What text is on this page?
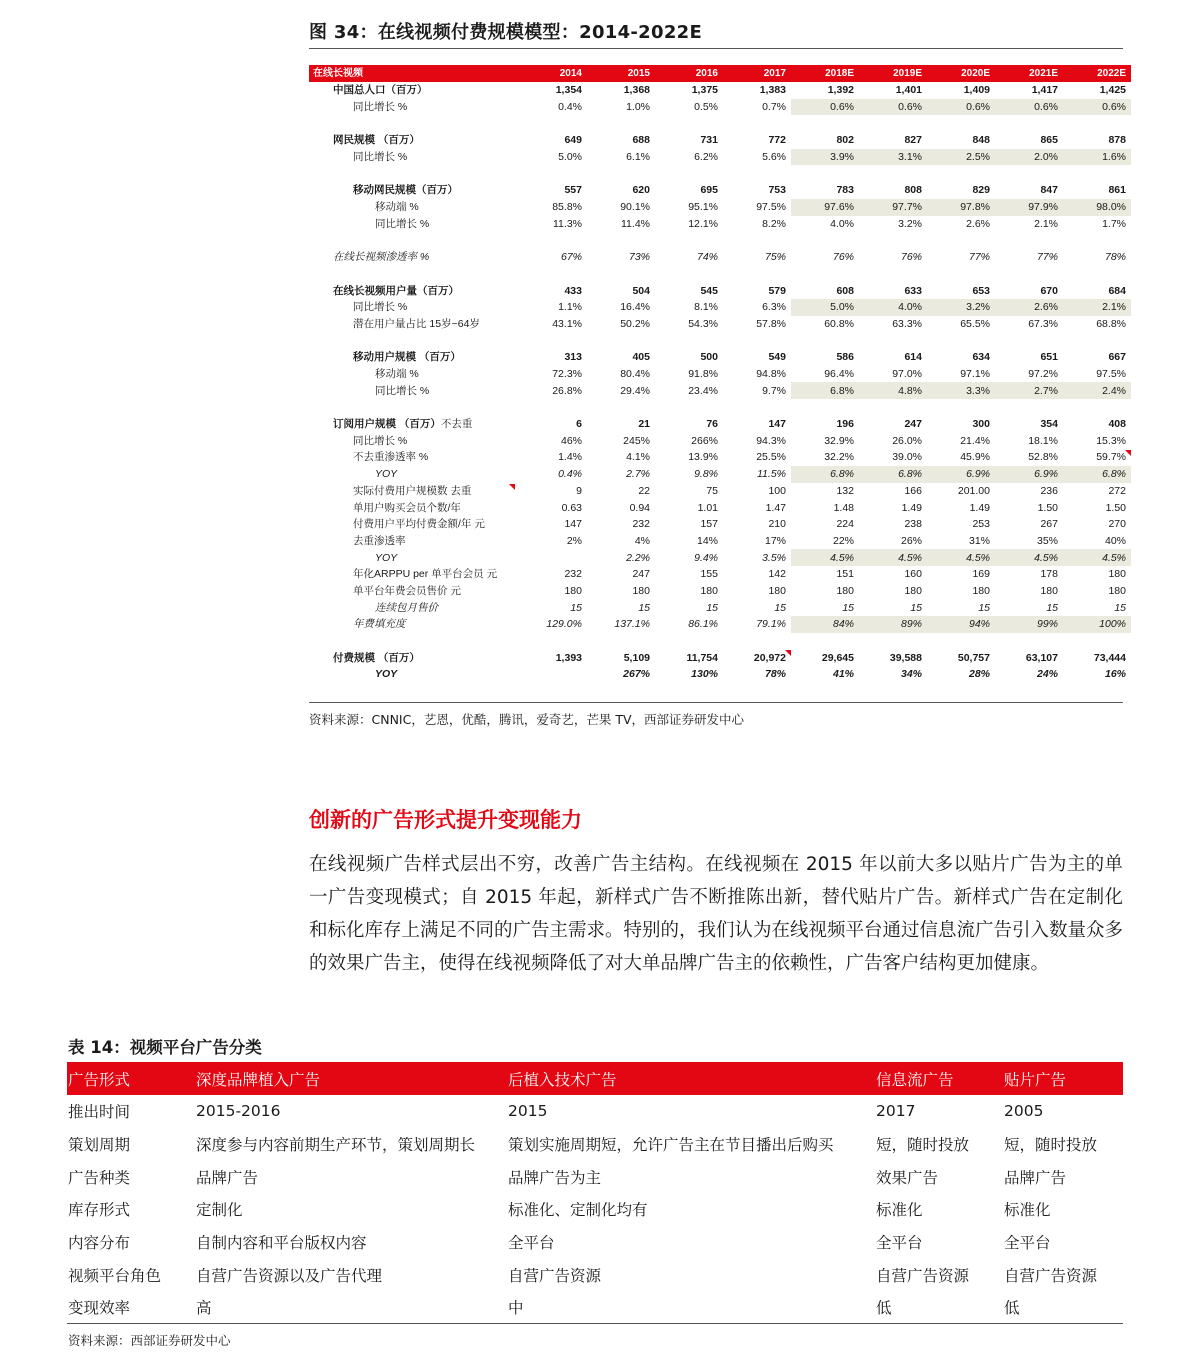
图 34：在线视频付费规模模型：2014-2022E
在线长视频	2014	2015	2016	2017	2018E	2019E	2020E	2021E	2022E
中国总人口（百万）	1,354	1,368	1,375	1,383	1,392	1,401	1,409	1,417	1,425
同比增长 %	0.4%	1.0%	0.5%	0.7%	0.6%	0.6%	0.6%	0.6%	0.6%

网民规模 （百万）	649	688	731	772	802	827	848	865	878
同比增长 %	5.0%	6.1%	6.2%	5.6%	3.9%	3.1%	2.5%	2.0%	1.6%

移动网民规模（百万）	557	620	695	753	783	808	829	847	861
移动端 %	85.8%	90.1%	95.1%	97.5%	97.6%	97.7%	97.8%	97.9%	98.0%
同比增长 %	11.3%	11.4%	12.1%	8.2%	4.0%	3.2%	2.6%	2.1%	1.7%

在线长视频渗透率 %	67%	73%	74%	75%	76%	76%	77%	77%	78%

在线长视频用户量（百万）	433	504	545	579	608	633	653	670	684
同比增长 %	1.1%	16.4%	8.1%	6.3%	5.0%	4.0%	3.2%	2.6%	2.1%
潜在用户量占比 15岁~64岁	43.1%	50.2%	54.3%	57.8%	60.8%	63.3%	65.5%	67.3%	68.8%

移动用户规模 （百万）	313	405	500	549	586	614	634	651	667
移动端 %	72.3%	80.4%	91.8%	94.8%	96.4%	97.0%	97.1%	97.2%	97.5%
同比增长 %	26.8%	29.4%	23.4%	9.7%	6.8%	4.8%	3.3%	2.7%	2.4%

订阅用户规模 （百万）不去重	6	21	76	147	196	247	300	354	408
同比增长 %	46%	245%	266%	94.3%	32.9%	26.0%	21.4%	18.1%	15.3%
不去重渗透率 %	1.4%	4.1%	13.9%	25.5%	32.2%	39.0%	45.9%	52.8%	59.7%

YOY	0.4%	2.7%	9.8%	11.5%	6.8%	6.8%	6.9%	6.9%	6.8%
实际付费用户规模数 去重	9	22	75	100	132	166	201.00	236	272
单用户购买会员个数/年	0.63	0.94	1.01	1.47	1.48	1.49	1.49	1.50	1.50
付费用户平均付费金额/年 元	147	232	157	210	224	238	253	267	270
去重渗透率	2%	4%	14%	17%	22%	26%	31%	35%	40%
YOY		2.2%	9.4%	3.5%	4.5%	4.5%	4.5%	4.5%	4.5%
年化ARPPU per 单平台会员 元	232	247	155	142	151	160	169	178	180
单平台年费会员售价 元	180	180	180	180	180	180	180	180	180
连续包月售价	15	15	15	15	15	15	15	15	15
年费填充度	129.0%	137.1%	86.1%	79.1%	84%	89%	94%	99%	100%

付费规模 （百万）	1,393	5,109	11,754	20,972	29,645	39,588	50,757	63,107	73,444
YOY		267%	130%	78%	41%	34%	28%	24%	16%
资料来源：CNNIC，艺恩，优酷，腾讯，爱奇艺，芒果 TV，西部证券研发中心
创新的广告形式提升变现能力
在线视频广告样式层出不穷，改善广告主结构。在线视频在 2015 年以前大多以贴片广告为主的单一广告变现模式；自 2015 年起，新样式广告不断推陈出新，替代贴片广告。新样式广告在定制化和标化库存上满足不同的广告主需求。特别的，我们认为在线视频平台通过信息流广告引入数量众多的效果广告主，使得在线视频降低了对大单品牌广告主的依赖性，广告客户结构更加健康。
表 14：视频平台广告分类
广告形式	深度品牌植入广告	后植入技术广告	信息流广告	贴片广告
推出时间	2015-2016	2015	2017	2005
策划周期	深度参与内容前期生产环节，策划周期长	策划实施周期短，允许广告主在节目播出后购买	短，随时投放	短，随时投放
广告种类	品牌广告	品牌广告为主	效果广告	品牌广告
库存形式	定制化	标准化、定制化均有	标准化	标准化
内容分布	自制内容和平台版权内容	全平台	全平台	全平台
视频平台角色	自营广告资源以及广告代理	自营广告资源	自营广告资源	自营广告资源
变现效率	高	中	低	低
资料来源：西部证券研发中心
